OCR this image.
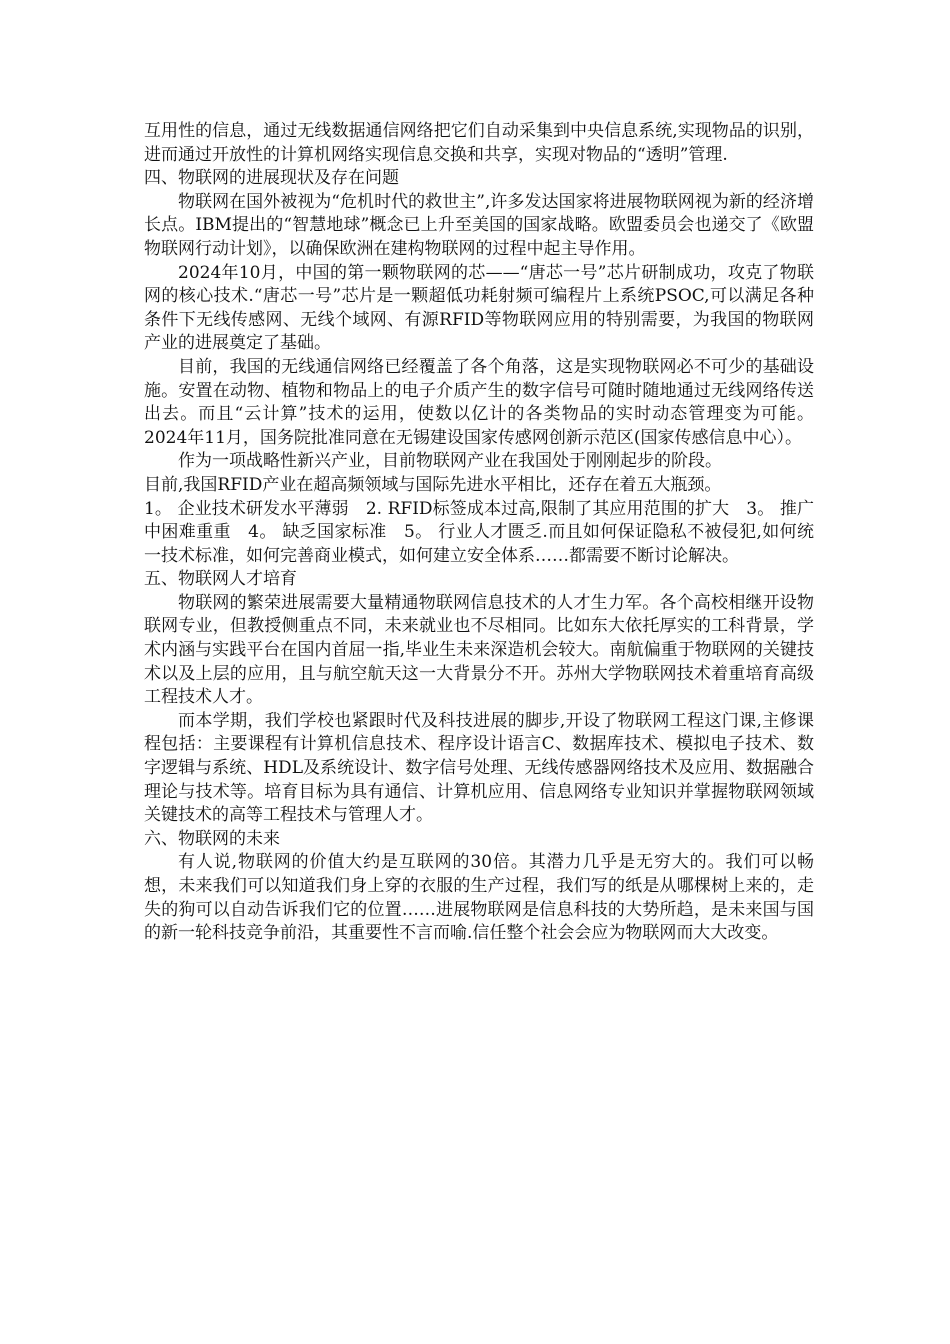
互用性的信息，通过无线数据通信网络把它们自动采集到中央信息系统,实现物品的识别，进而通过开放性的计算机网络实现信息交换和共享，实现对物品的“透明”管理.

四、物联网的进展现状及存在问题

物联网在国外被视为“危机时代的救世主”,许多发达国家将进展物联网视为新的经济增长点。IBM提出的“智慧地球”概念已上升至美国的国家战略。欧盟委员会也递交了《欧盟物联网行动计划》，以确保欧洲在建构物联网的过程中起主导作用。

2024年10月，中国的第一颗物联网的芯——“唐芯一号”芯片研制成功，攻克了物联网的核心技术.“唐芯一号”芯片是一颗超低功耗射频可编程片上系统PSOC,可以满足各种条件下无线传感网、无线个域网、有源RFID等物联网应用的特别需要，为我国的物联网产业的进展奠定了基础。

目前，我国的无线通信网络已经覆盖了各个角落，这是实现物联网必不可少的基础设施。安置在动物、植物和物品上的电子介质产生的数字信号可随时随地通过无线网络传送出去。而且“云计算”技术的运用，使数以亿计的各类物品的实时动态管理变为可能。2024年11月，国务院批准同意在无锡建设国家传感网创新示范区(国家传感信息中心）。

作为一项战略性新兴产业，目前物联网产业在我国处于刚刚起步的阶段。

目前,我国RFID产业在超高频领域与国际先进水平相比，还存在着五大瓶颈。

1。 企业技术研发水平薄弱　2. RFID标签成本过高,限制了其应用范围的扩大　3。 推广中困难重重　4。 缺乏国家标准　5。 行业人才匮乏.而且如何保证隐私不被侵犯,如何统一技术标准，如何完善商业模式，如何建立安全体系……都需要不断讨论解决。

五、物联网人才培育

物联网的繁荣进展需要大量精通物联网信息技术的人才生力军。各个高校相继开设物联网专业，但教授侧重点不同，未来就业也不尽相同。比如东大依托厚实的工科背景，学术内涵与实践平台在国内首屈一指,毕业生未来深造机会较大。南航偏重于物联网的关键技术以及上层的应用，且与航空航天这一大背景分不开。苏州大学物联网技术着重培育高级工程技术人才。

而本学期，我们学校也紧跟时代及科技进展的脚步,开设了物联网工程这门课,主修课程包括：主要课程有计算机信息技术、程序设计语言C、数据库技术、模拟电子技术、数字逻辑与系统、HDL及系统设计、数字信号处理、无线传感器网络技术及应用、数据融合理论与技术等。培育目标为具有通信、计算机应用、信息网络专业知识并掌握物联网领域关键技术的高等工程技术与管理人才。

六、物联网的未来

有人说,物联网的价值大约是互联网的30倍。其潜力几乎是无穷大的。我们可以畅想，未来我们可以知道我们身上穿的衣服的生产过程，我们写的纸是从哪棵树上来的，走失的狗可以自动告诉我们它的位置……进展物联网是信息科技的大势所趋，是未来国与国的新一轮科技竞争前沿，其重要性不言而喻.信任整个社会会应为物联网而大大改变。
